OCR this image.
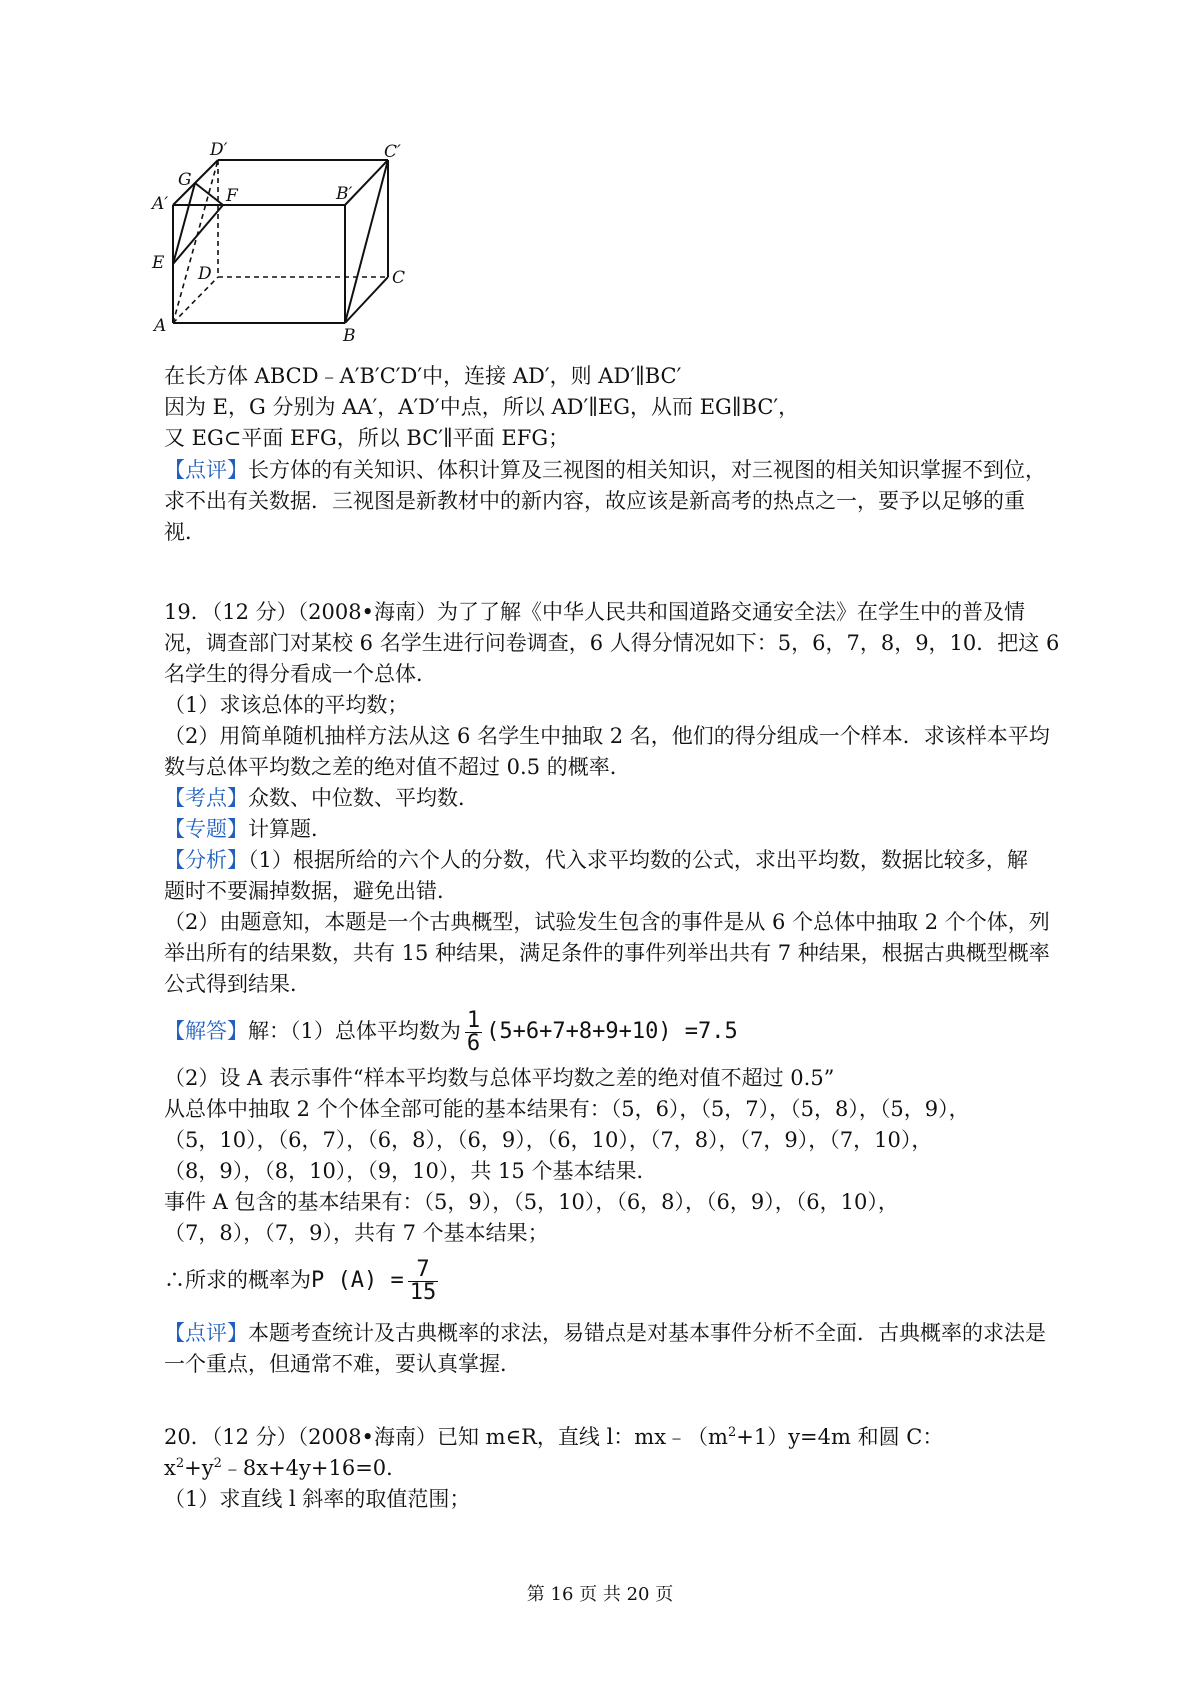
D′	C′
A′	B′
G
F
E
D	C
A	B
在长方体 ABCD﹣A′B′C′D′中，连接 AD′，则 AD′∥BC′
因为 E，G 分别为 AA′，A′D′中点，所以 AD′∥EG，从而 EG∥BC′，
又 EG⊂平面 EFG，所以 BC′∥平面 EFG；
【点评】长方体的有关知识、体积计算及三视图的相关知识，对三视图的相关知识掌握不到位，
求不出有关数据．三视图是新教材中的新内容，故应该是新高考的热点之一，要予以足够的重
视．
19．（12 分）（2008•海南）为了了解《中华人民共和国道路交通安全法》在学生中的普及情
况，调查部门对某校 6 名学生进行问卷调查，6 人得分情况如下：5，6，7，8，9，10．把这 6
名学生的得分看成一个总体．
（1）求该总体的平均数；
（2）用简单随机抽样方法从这 6 名学生中抽取 2 名，他们的得分组成一个样本．求该样本平均
数与总体平均数之差的绝对值不超过 0.5 的概率．
【考点】众数、中位数、平均数．
【专题】计算题．
【分析】（1）根据所给的六个人的分数，代入求平均数的公式，求出平均数，数据比较多，解
题时不要漏掉数据，避免出错．
（2）由题意知，本题是一个古典概型，试验发生包含的事件是从 6 个总体中抽取 2 个个体，列
举出所有的结果数，共有 15 种结果，满足条件的事件列举出共有 7 种结果，根据古典概型概率
公式得到结果．
【解答】解：（1）总体平均数为 $\frac{1}{6} (5+6+7+8+9+10) =7.5$
（2）设 A 表示事件“样本平均数与总体平均数之差的绝对值不超过 0.5”
从总体中抽取 2 个个体全部可能的基本结果有：（5，6），（5，7），（5，8），（5，9），
（5，10），（6，7），（6，8），（6，9），（6，10），（7，8），（7，9），（7，10），
（8，9），（8，10），（9，10），共 15 个基本结果．
事件 A 包含的基本结果有：（5，9），（5，10），（6，8），（6，9），（6，10），
（7，8），（7，9），共有 7 个基本结果；
∴所求的概率为P $(A) = \frac{7}{15}$
【点评】本题考查统计及古典概率的求法，易错点是对基本事件分析不全面．古典概率的求法是
一个重点，但通常不难，要认真掌握．
20．（12 分）（2008•海南）已知 m∈R，直线 l：$mx﹣(m^2+1)y=4m$ 和圆 C：
$x^2+y^2﹣8x+4y+16=0$．
（1）求直线 l 斜率的取值范围；
第 16 页 共 20 页
